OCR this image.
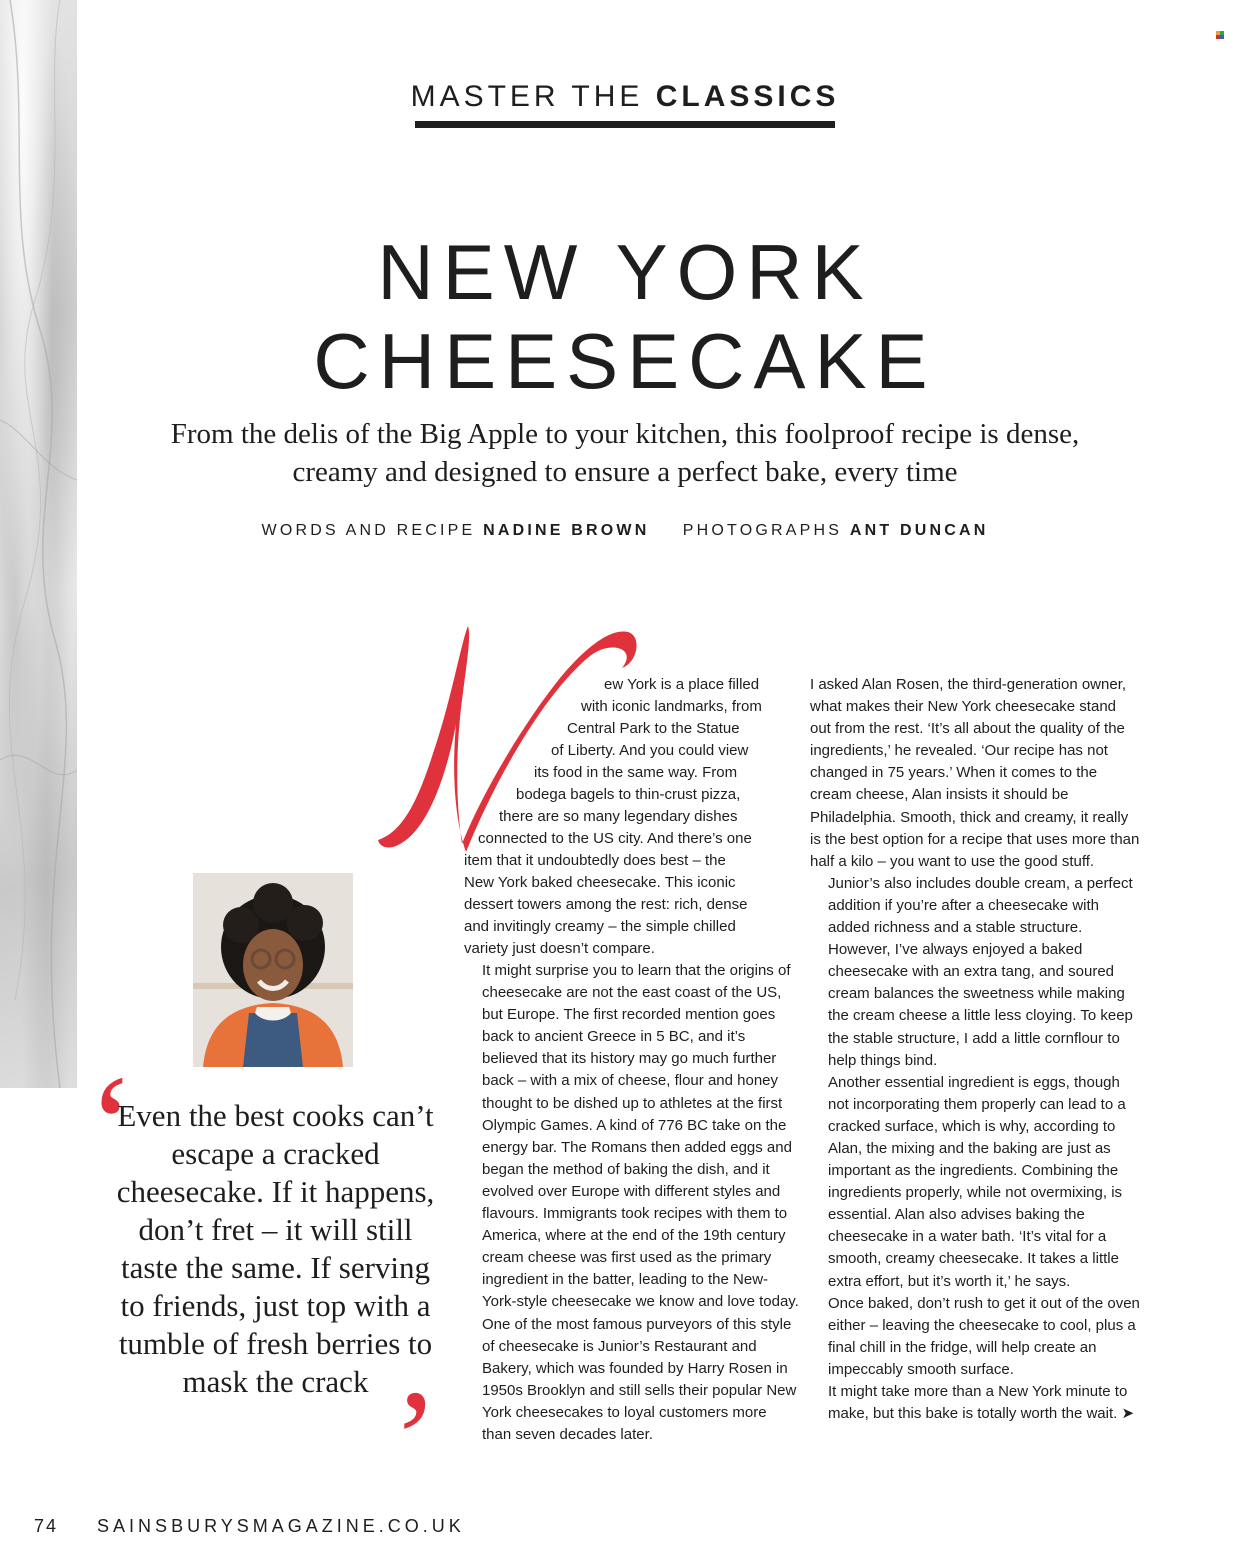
MASTER THE CLASSICS
NEW YORK
CHEESECAKE
From the delis of the Big Apple to your kitchen, this foolproof recipe is dense,
creamy and designed to ensure a perfect bake, every time
WORDS AND RECIPE NADINE BROWN PHOTOGRAPHS ANT DUNCAN
ew York is a place filled
with iconic landmarks, from
Central Park to the Statue
of Liberty. And you could view
its food in the same way. From
bodega bagels to thin-crust pizza,
there are so many legendary dishes
connected to the US city. And there’s one
item that it undoubtedly does best – the
New York baked cheesecake. This iconic
dessert towers among the rest: rich, dense
and invitingly creamy – the simple chilled
variety just doesn’t compare.
It might surprise you to learn that the origins of cheesecake are not the east coast of the US, but Europe. The first recorded mention goes back to ancient Greece in 5 BC, and it’s believed that its history may go much further back – with a mix of cheese, flour and honey thought to be dished up to athletes at the first Olympic Games. A kind of 776 BC take on the energy bar. The Romans then added eggs and began the method of baking the dish, and it evolved over Europe with different styles and flavours. Immigrants took recipes with them to America, where at the end of the 19th century cream cheese was first used as the primary ingredient in the batter, leading to the New-York-style cheesecake we know and love today.
One of the most famous purveyors of this style of cheesecake is Junior’s Restaurant and Bakery, which was founded by Harry Rosen in 1950s Brooklyn and still sells their popular New York cheesecakes to loyal customers more than seven decades later.
I asked Alan Rosen, the third-generation owner, what makes their New York cheesecake stand out from the rest. ‘It’s all about the quality of the ingredients,’ he revealed. ‘Our recipe has not changed in 75 years.’ When it comes to the cream cheese, Alan insists it should be Philadelphia. Smooth, thick and creamy, it really is the best option for a recipe that uses more than half a kilo – you want to use the good stuff.
Junior’s also includes double cream, a perfect addition if you’re after a cheesecake with added richness and a stable structure. However, I’ve always enjoyed a baked cheesecake with an extra tang, and soured cream balances the sweetness while making the cream cheese a little less cloying. To keep the stable structure, I add a little cornflour to help things bind.
Another essential ingredient is eggs, though not incorporating them properly can lead to a cracked surface, which is why, according to Alan, the mixing and the baking are just as important as the ingredients. Combining the ingredients properly, while not overmixing, is essential. Alan also advises baking the cheesecake in a water bath. ‘It’s vital for a smooth, creamy cheesecake. It takes a little extra effort, but it’s worth it,’ he says.
Once baked, don’t rush to get it out of the oven either – leaving the cheesecake to cool, plus a final chill in the fridge, will help create an impeccably smooth surface.
It might take more than a New York minute to make, but this bake is totally worth the wait. ➤
‘
Even the best cooks can’t escape a cracked cheesecake. If it happens, don’t fret – it will still taste the same. If serving to friends, just top with a tumble of fresh berries to mask the crack ’
74 SAINSBURYSMAGAZINE.CO.UK
